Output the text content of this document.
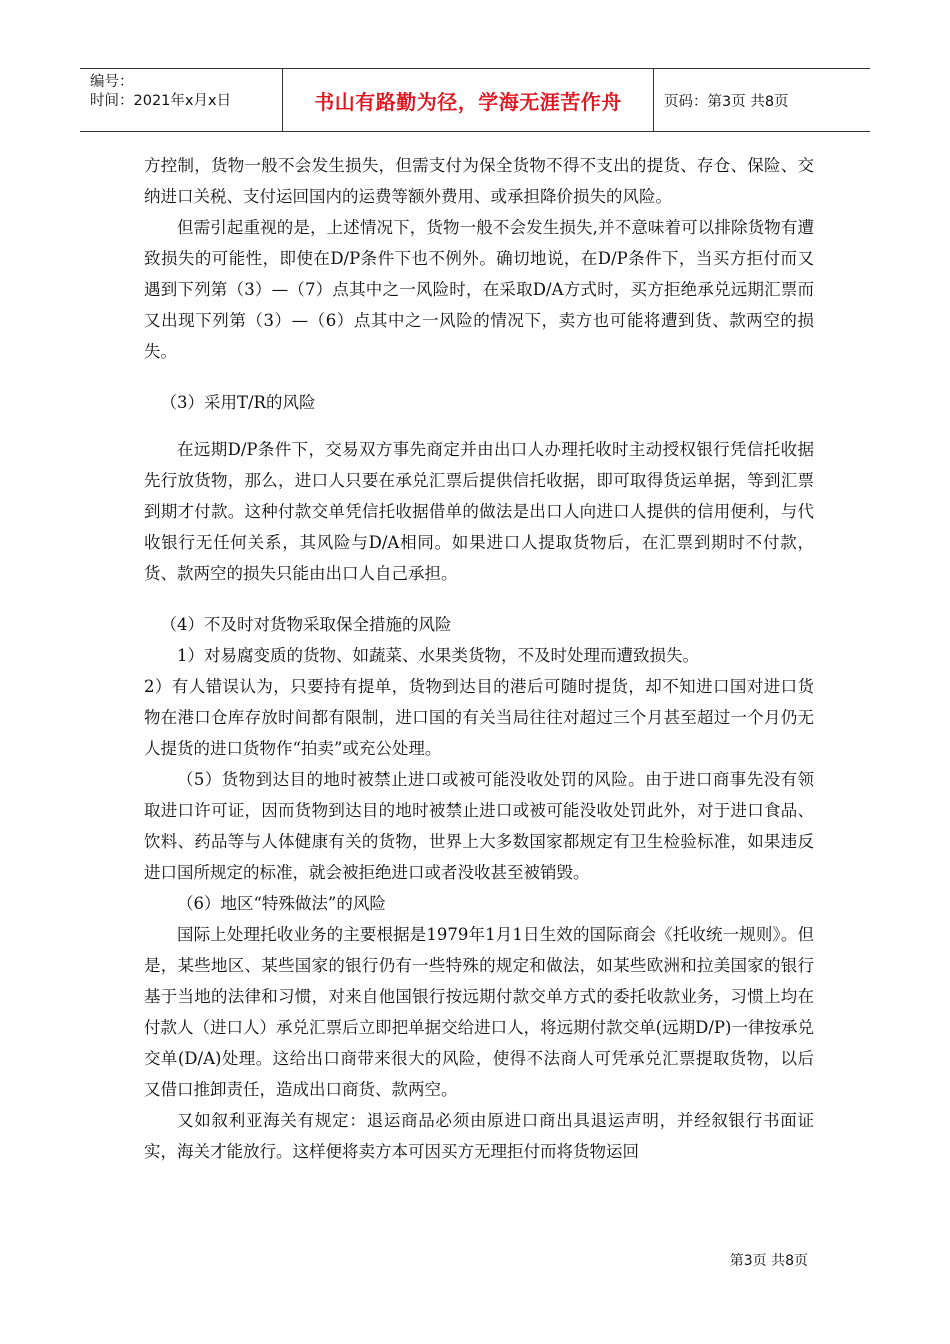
编号：
时间：2021年x月x日	书山有路勤为径，学海无涯苦作舟	页码：第3页 共8页

方控制，货物一般不会发生损失，但需支付为保全货物不得不支出的提货、存仓、保险、交纳进口关税、支付运回国内的运费等额外费用、或承担降价损失的风险。

但需引起重视的是，上述情况下，货物一般不会发生损失,并不意味着可以排除货物有遭致损失的可能性，即使在D/P条件下也不例外。确切地说，在D/P条件下，当买方拒付而又遇到下列第（3）—（7）点其中之一风险时，在采取D/A方式时，买方拒绝承兑远期汇票而又出现下列第（3）—（6）点其中之一风险的情况下，卖方也可能将遭到货、款两空的损失。

（3）采用T/R的风险

在远期D/P条件下，交易双方事先商定并由出口人办理托收时主动授权银行凭信托收据先行放货物，那么，进口人只要在承兑汇票后提供信托收据，即可取得货运单据，等到汇票到期才付款。这种付款交单凭信托收据借单的做法是出口人向进口人提供的信用便利，与代收银行无任何关系，其风险与D/A相同。如果进口人提取货物后，在汇票到期时不付款，货、款两空的损失只能由出口人自己承担。

（4）不及时对货物采取保全措施的风险

1）对易腐变质的货物、如蔬菜、水果类货物，不及时处理而遭致损失。

2）有人错误认为，只要持有提单，货物到达目的港后可随时提货，却不知进口国对进口货物在港口仓库存放时间都有限制，进口国的有关当局往往对超过三个月甚至超过一个月仍无人提货的进口货物作“拍卖”或充公处理。

（5）货物到达目的地时被禁止进口或被可能没收处罚的风险。由于进口商事先没有领取进口许可证，因而货物到达目的地时被禁止进口或被可能没收处罚此外，对于进口食品、饮料、药品等与人体健康有关的货物，世界上大多数国家都规定有卫生检验标准，如果违反进口国所规定的标准，就会被拒绝进口或者没收甚至被销毁。

（6）地区“特殊做法”的风险

国际上处理托收业务的主要根据是1979年1月1日生效的国际商会《托收统一规则》。但是，某些地区、某些国家的银行仍有一些特殊的规定和做法，如某些欧洲和拉美国家的银行基于当地的法律和习惯，对来自他国银行按远期付款交单方式的委托收款业务，习惯上均在付款人（进口人）承兑汇票后立即把单据交给进口人，将远期付款交单(远期D/P)一律按承兑交单(D/A)处理。这给出口商带来很大的风险，使得不法商人可凭承兑汇票提取货物，以后又借口推卸责任，造成出口商货、款两空。

又如叙利亚海关有规定：退运商品必须由原进口商出具退运声明，并经叙银行书面证实，海关才能放行。这样便将卖方本可因买方无理拒付而将货物运回

第3页 共8页
